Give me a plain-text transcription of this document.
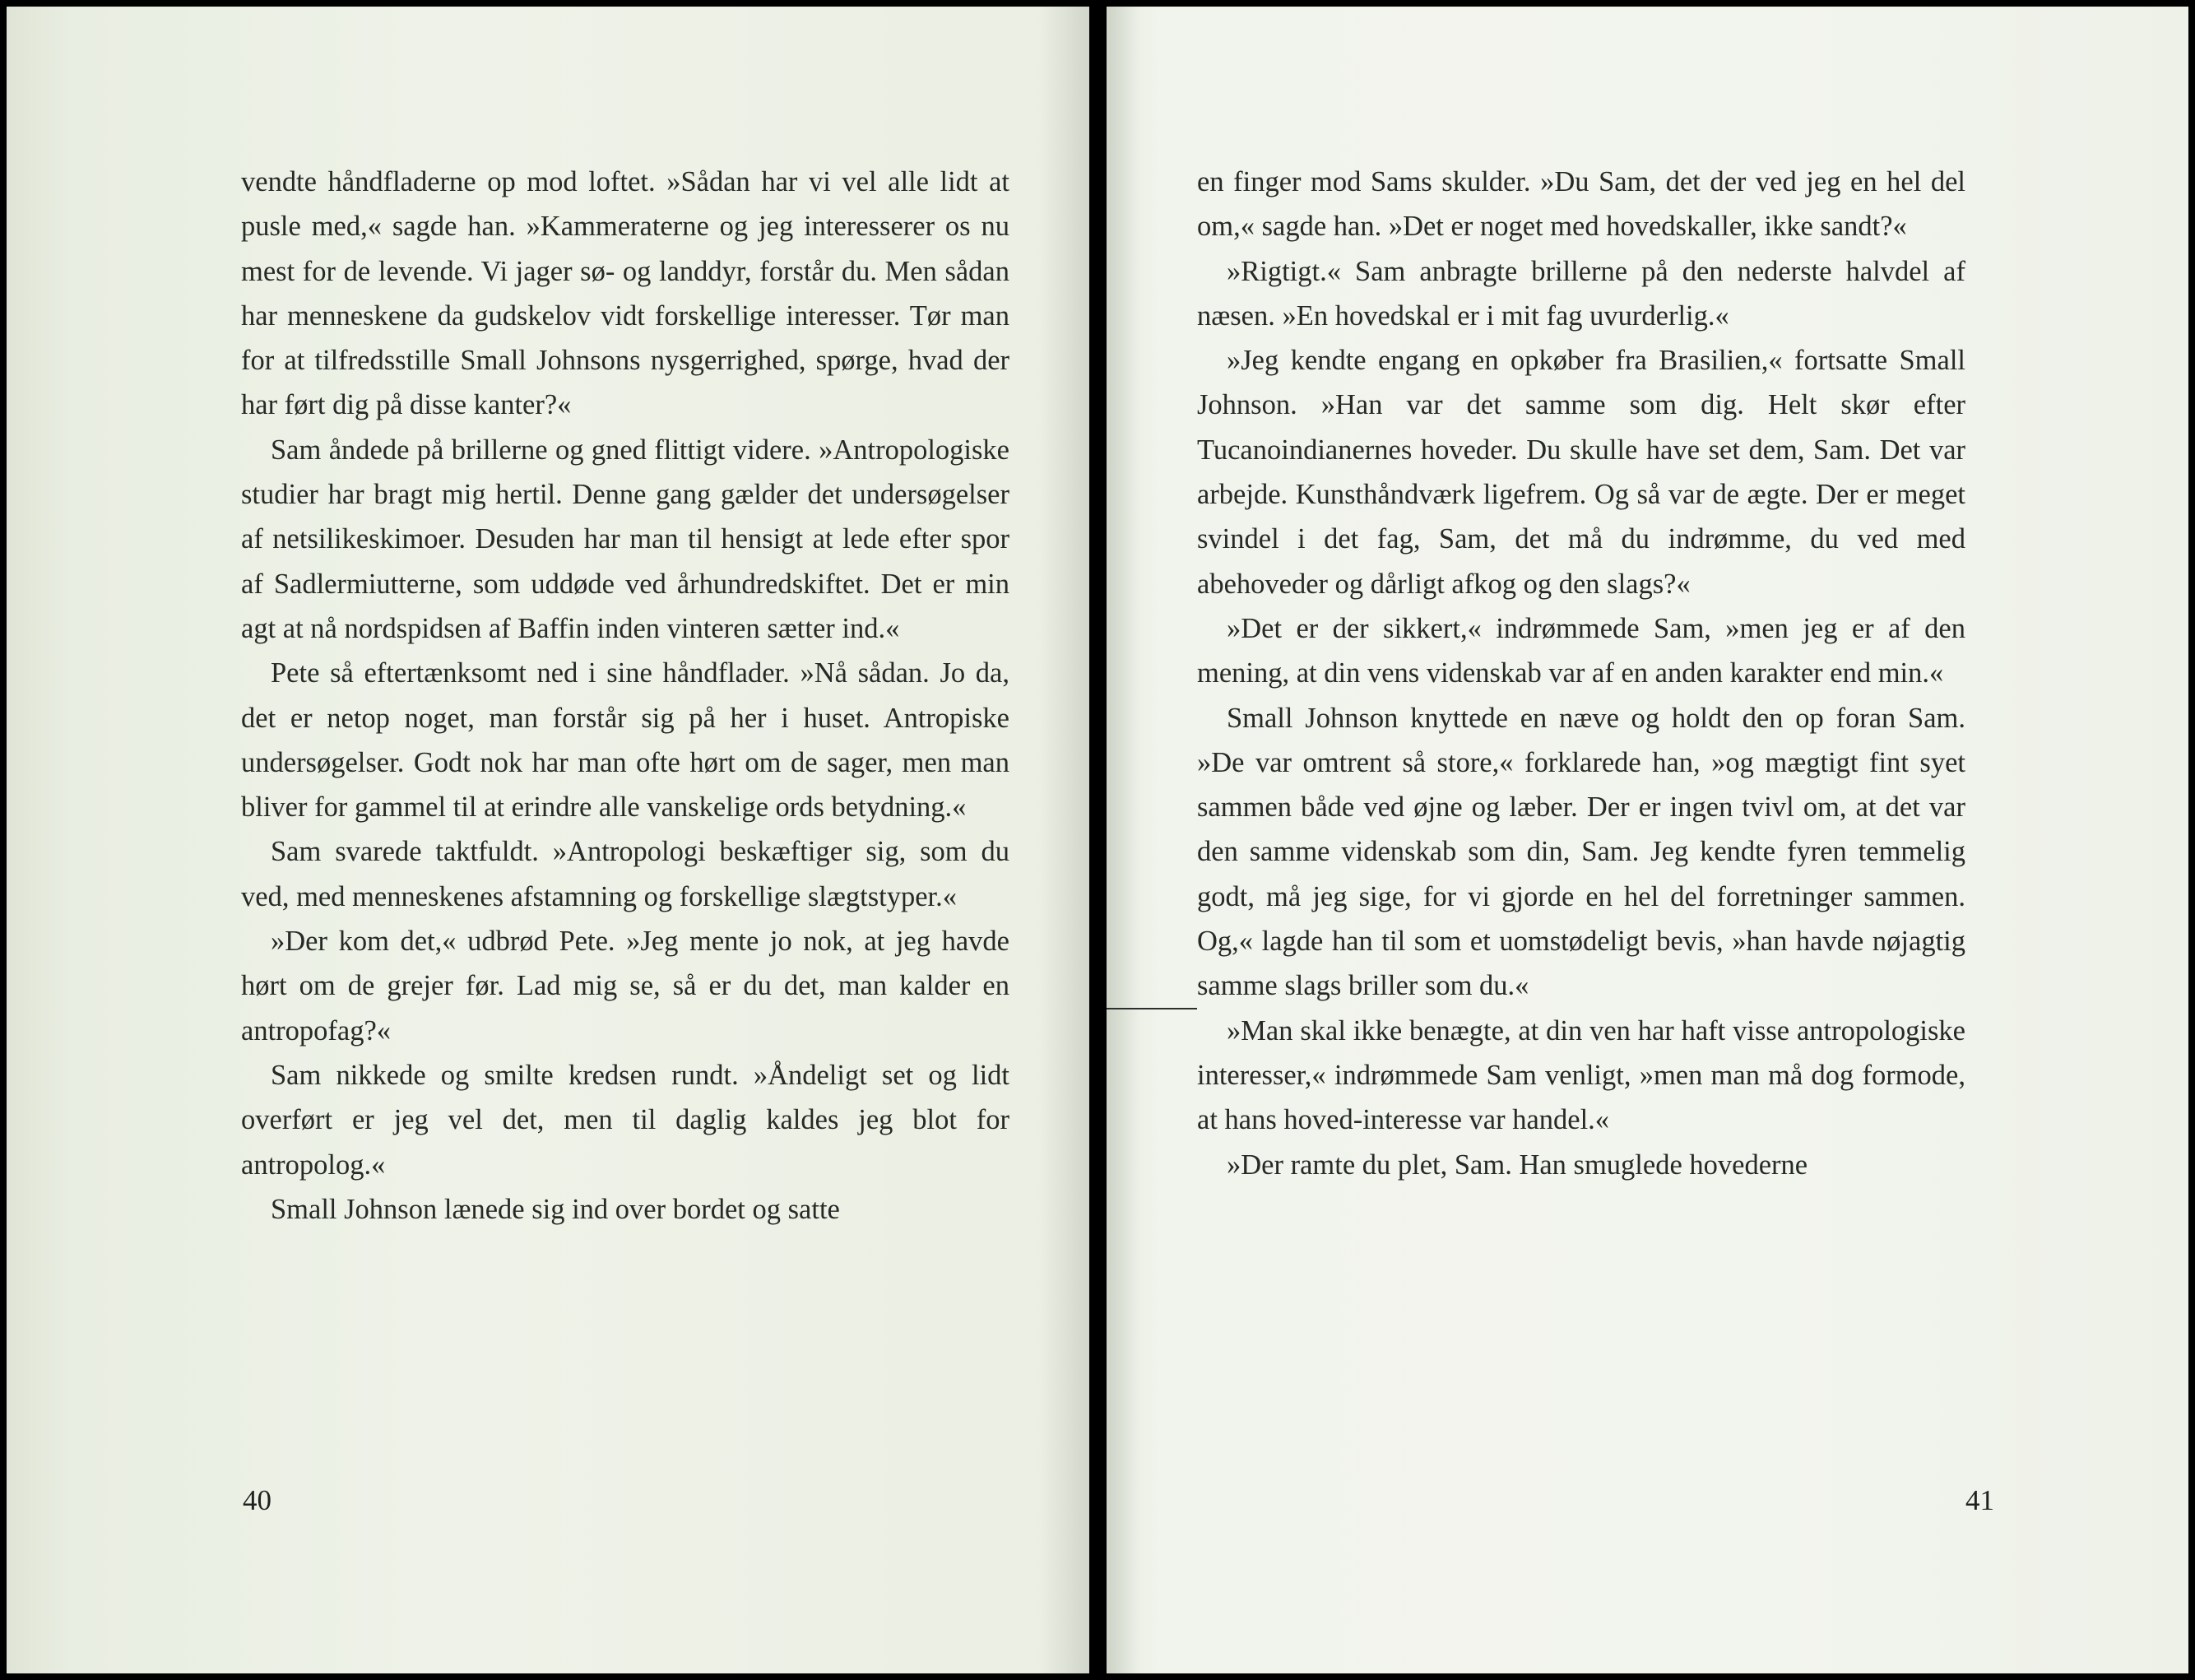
vendte håndfladerne op mod loftet. »Sådan har vi vel alle lidt at pusle med,« sagde han. »Kammeraterne og jeg interesserer os nu mest for de levende. Vi jager sø- og landdyr, forstår du. Men sådan har menneskene da gudskelov vidt forskellige interesser. Tør man for at tilfredsstille Small Johnsons nysgerrighed, spørge, hvad der har ført dig på disse kanter?«

Sam åndede på brillerne og gned flittigt videre. »Antropologiske studier har bragt mig hertil. Denne gang gælder det undersøgelser af netsilikeskimoer. Desuden har man til hensigt at lede efter spor af Sadlermiutterne, som uddøde ved århundredskiftet. Det er min agt at nå nordspidsen af Baffin inden vinteren sætter ind.«

Pete så eftertænksomt ned i sine håndflader. »Nå sådan. Jo da, det er netop noget, man forstår sig på her i huset. Antropiske undersøgelser. Godt nok har man ofte hørt om de sager, men man bliver for gammel til at erindre alle vanskelige ords betydning.«

Sam svarede taktfuldt. »Antropologi beskæftiger sig, som du ved, med menneskenes afstamning og forskellige slægtstyper.«

»Der kom det,« udbrød Pete. »Jeg mente jo nok, at jeg havde hørt om de grejer før. Lad mig se, så er du det, man kalder en antropofag?«

Sam nikkede og smilte kredsen rundt. »Åndeligt set og lidt overført er jeg vel det, men til daglig kaldes jeg blot for antropolog.«

Small Johnson lænede sig ind over bordet og satte

40

en finger mod Sams skulder. »Du Sam, det der ved jeg en hel del om,« sagde han. »Det er noget med hovedskaller, ikke sandt?«

»Rigtigt.« Sam anbragte brillerne på den nederste halvdel af næsen. »En hovedskal er i mit fag uvurderlig.«

»Jeg kendte engang en opkøber fra Brasilien,« fortsatte Small Johnson. »Han var det samme som dig. Helt skør efter Tucanoindianernes hoveder. Du skulle have set dem, Sam. Det var arbejde. Kunsthåndværk ligefrem. Og så var de ægte. Der er meget svindel i det fag, Sam, det må du indrømme, du ved med abehoveder og dårligt afkog og den slags?«

»Det er der sikkert,« indrømmede Sam, »men jeg er af den mening, at din vens videnskab var af en anden karakter end min.«

Small Johnson knyttede en næve og holdt den op foran Sam. »De var omtrent så store,« forklarede han, »og mægtigt fint syet sammen både ved øjne og læber. Der er ingen tvivl om, at det var den samme videnskab som din, Sam. Jeg kendte fyren temmelig godt, må jeg sige, for vi gjorde en hel del forretninger sammen. Og,« lagde han til som et uomstødeligt bevis, »han havde nøjagtig samme slags briller som du.«

»Man skal ikke benægte, at din ven har haft visse antropologiske interesser,« indrømmede Sam venligt, »men man må dog formode, at hans hoved-interesse var handel.«

»Der ramte du plet, Sam. Han smuglede hovederne

41
